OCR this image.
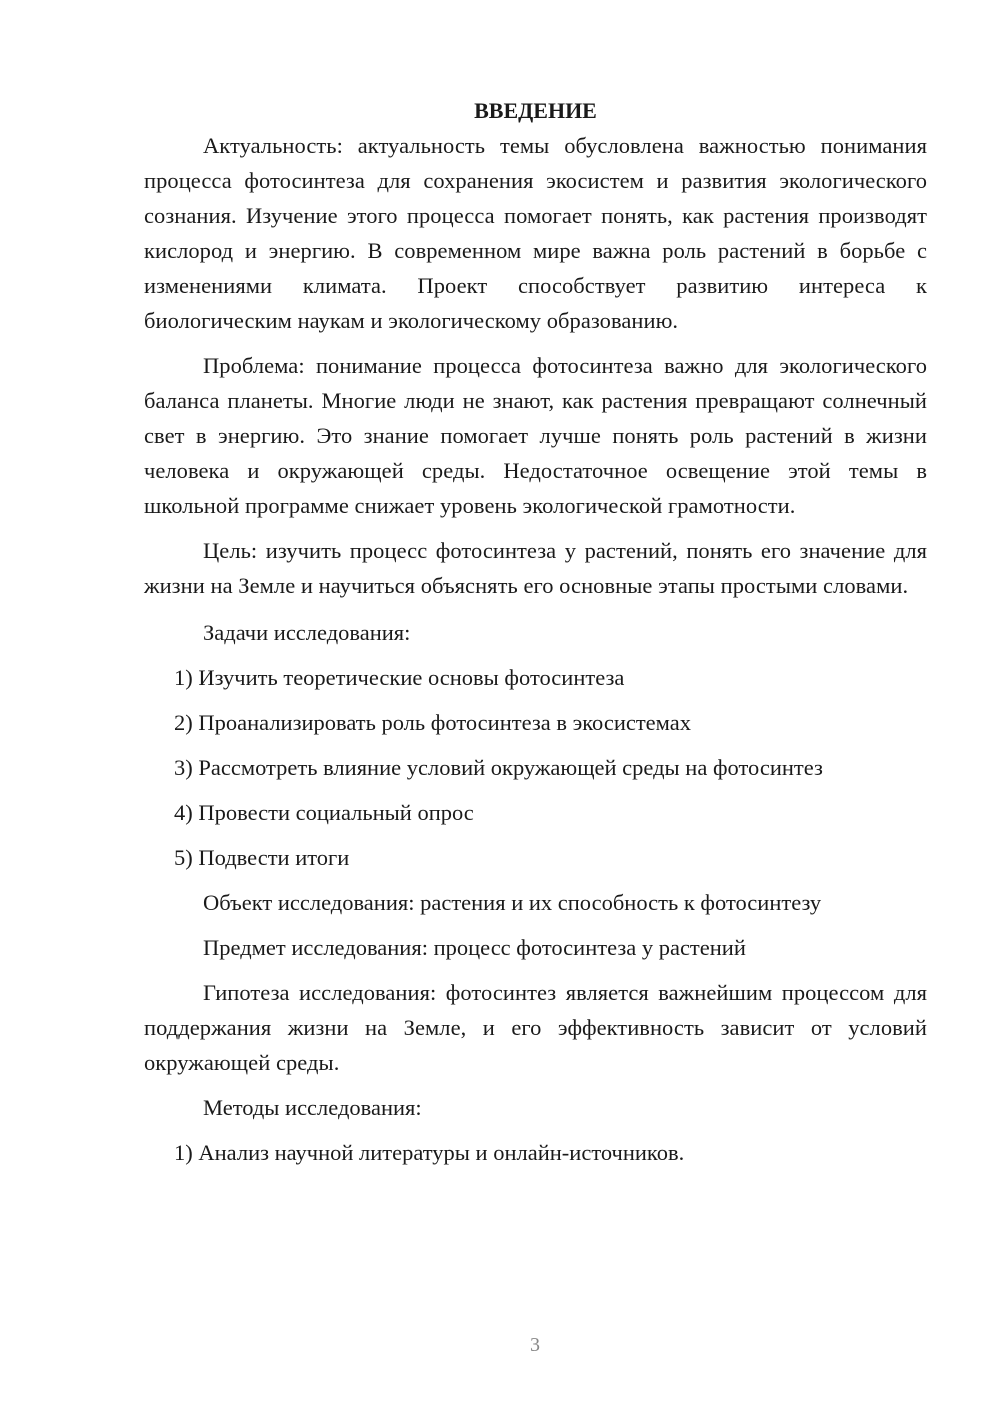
ВВЕДЕНИЕ

Актуальность: актуальность темы обусловлена важностью понимания процесса фотосинтеза для сохранения экосистем и развития экологического сознания. Изучение этого процесса помогает понять, как растения производят кислород и энергию. В современном мире важна роль растений в борьбе с изменениями климата. Проект способствует развитию интереса к биологическим наукам и экологическому образованию.

Проблема: понимание процесса фотосинтеза важно для экологического баланса планеты. Многие люди не знают, как растения превращают солнечный свет в энергию. Это знание помогает лучше понять роль растений в жизни человека и окружающей среды. Недостаточное освещение этой темы в школьной программе снижает уровень экологической грамотности.

Цель: изучить процесс фотосинтеза у растений, понять его значение для жизни на Земле и научиться объяснять его основные этапы простыми словами.

Задачи исследования:

1) Изучить теоретические основы фотосинтеза

2) Проанализировать роль фотосинтеза в экосистемах

3) Рассмотреть влияние условий окружающей среды на фотосинтез

4) Провести социальный опрос

5) Подвести итоги

Объект исследования: растения и их способность к фотосинтезу

Предмет исследования: процесс фотосинтеза у растений

Гипотеза исследования: фотосинтез является важнейшим процессом для поддержания жизни на Земле, и его эффективность зависит от условий окружающей среды.

Методы исследования:

1) Анализ научной литературы и онлайн-источников.

3
